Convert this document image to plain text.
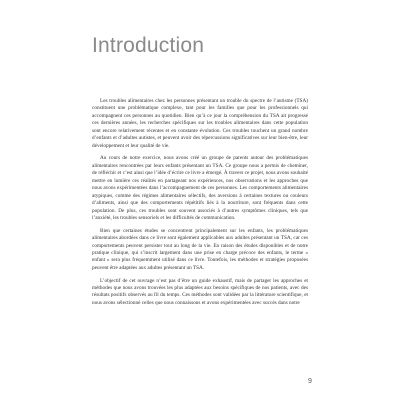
Introduction

Les troubles alimentaires chez les personnes présentant un trouble du spectre de l’autisme (TSA) constituent une problématique complexe, tant pour les familles que pour les professionnels qui accompagnent ces personnes au quotidien. Bien qu’à ce jour la compréhension du TSA ait progressé ces dernières années, les recherches spécifiques sur les troubles alimentaires dans cette population sont encore relativement récentes et en constante évolution. Ces troubles touchent un grand nombre d’enfants et d’adultes autistes, et peuvent avoir des répercussions significatives sur leur bien-être, leur développement et leur qualité de vie.

Au cours de notre exercice, nous avons créé un groupe de parents autour des problématiques alimentaires rencontrées par leurs enfants présentant un TSA. Ce groupe nous a permis de cheminer, de réfléchir et c’est ainsi que l’idée d’écrire ce livre a émergé. À travers ce projet, nous avons souhaité mettre en lumière ces réalités en partageant nos expériences, nos observations et les approches que nous avons expérimentées dans l’accompagnement de ces personnes. Les comportements alimentaires atypiques, comme des régimes alimentaires sélectifs, des aversions à certaines textures ou couleurs d’aliments, ainsi que des comportements répétitifs liés à la nourriture, sont fréquents dans cette population. De plus, ces troubles sont souvent associés à d’autres symptômes cliniques, tels que l’anxiété, les troubles sensoriels et les difficultés de communication.

Bien que certaines études se concentrent principalement sur les enfants, les problématiques alimentaires abordées dans ce livre sont également applicables aux adultes présentant un TSA, car ces comportements peuvent persister tout au long de la vie. En raison des études disponibles et de notre pratique clinique, qui s’inscrit largement dans une prise en charge précoce des enfants, le terme « enfant » sera plus fréquemment utilisé dans ce livre. Toutefois, les méthodes et stratégies proposées peuvent être adaptées aux adultes présentant un TSA.

L’objectif de cet ouvrage n’est pas d’être un guide exhaustif, mais de partager les approches et méthodes que nous avons trouvées les plus adaptées aux besoins spécifiques de nos patients, avec des résultats positifs observés au fil du temps. Ces méthodes sont validées par la littérature scientifique, et nous avons sélectionné celles que nous connaissons et avons expérimentées avec succès dans notre

9
